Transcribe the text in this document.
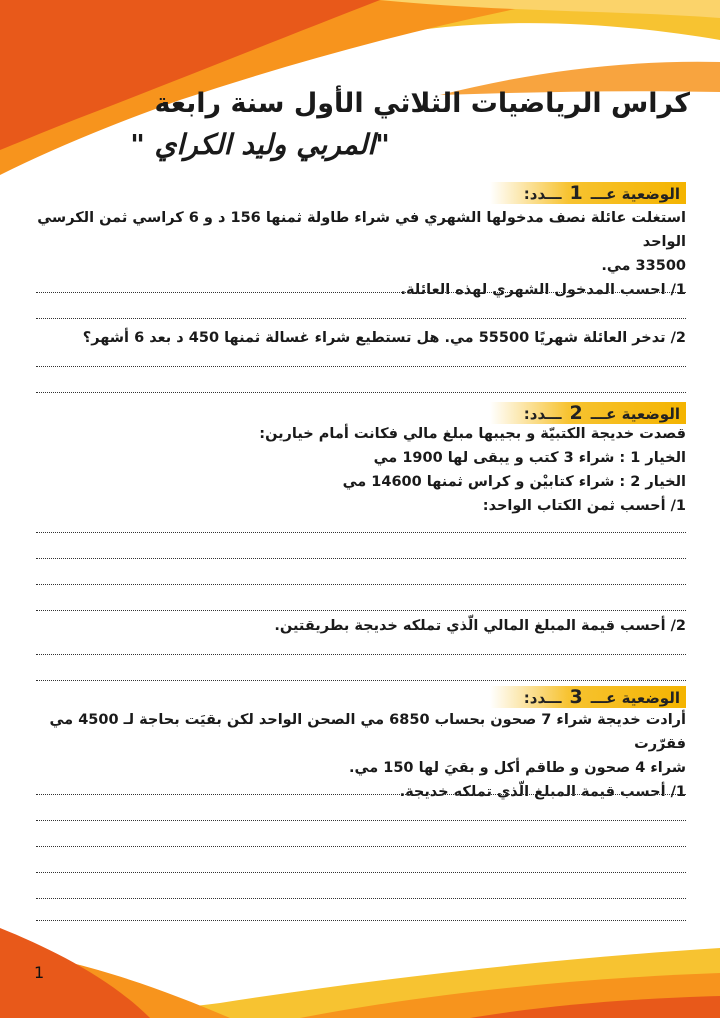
كراس الرياضيات الثلاثي الأول سنة رابعة
"المربي وليد الكراي "
الوضعية عـــ1ـــدد:
استغلت عائلة نصف مدخولها الشهري في شراء طاولة ثمنها 156 د و 6 كراسي ثمن الكرسي الواحد
33500 مي.
1/ احسب المدخول الشهري لهذه العائلة.
2/ تدخر العائلة شهريًا 55500 مي. هل تستطيع شراء غسالة ثمنها 450 د بعد 6 أشهر؟
الوضعية عـــ2ـــدد:
قصدت خديجة الكتبيّة و بجيبها مبلغ مالي فكانت أمام خيارين:
الخيار 1 : شراء 3 كتب و يبقى لها 1900 مي
الخيار 2 : شراء كتابيْن و كراس ثمنها 14600 مي
1/ أحسب ثمن الكتاب الواحد:
2/ أحسب قيمة المبلغ المالي الّذي تملكه خديجة بطريقتين.
الوضعية عـــ3ـــدد:
أرادت خديجة شراء 7 صحون بحساب 6850 مي الصحن الواحد لكن بقيَت بحاجة لـ 4500 مي فقرّرت
شراء 4 صحون و طاقم أكل و بقيَ لها 150 مي.
1/ أحسب قيمة المبلغ الّذي تملكه خديجة.
1
